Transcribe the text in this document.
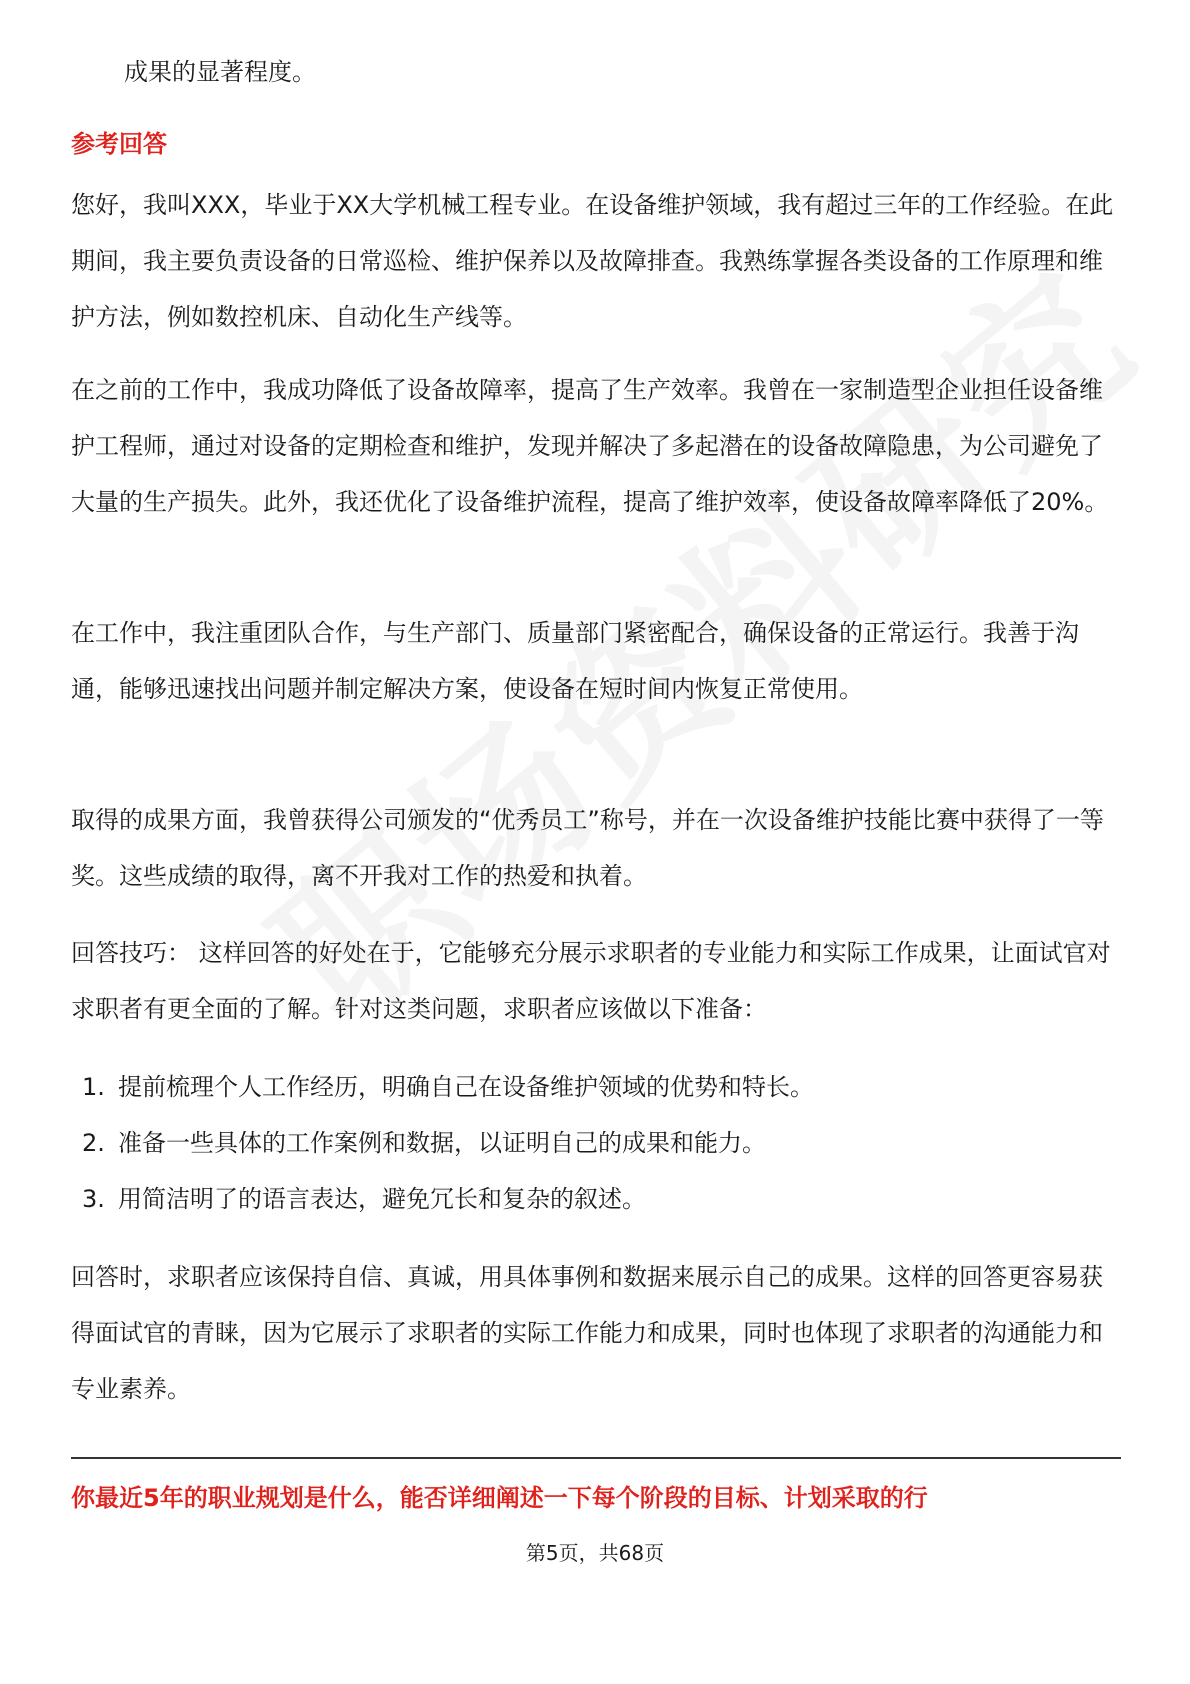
成果的显著程度。
参考回答

您好，我叫XXX，毕业于XX大学机械工程专业。在设备维护领域，我有超过三年的工作经验。在此期间，我主要负责设备的日常巡检、维护保养以及故障排查。我熟练掌握各类设备的工作原理和维护方法，例如数控机床、自动化生产线等。

在之前的工作中，我成功降低了设备故障率，提高了生产效率。我曾在一家制造型企业担任设备维护工程师，通过对设备的定期检查和维护，发现并解决了多起潜在的设备故障隐患，为公司避免了大量的生产损失。此外，我还优化了设备维护流程，提高了维护效率，使设备故障率降低了20%。

在工作中，我注重团队合作，与生产部门、质量部门紧密配合，确保设备的正常运行。我善于沟通，能够迅速找出问题并制定解决方案，使设备在短时间内恢复正常使用。

取得的成果方面，我曾获得公司颁发的“优秀员工”称号，并在一次设备维护技能比赛中获得了一等奖。这些成绩的取得，离不开我对工作的热爱和执着。

回答技巧： 这样回答的好处在于，它能够充分展示求职者的专业能力和实际工作成果，让面试官对求职者有更全面的了解。针对这类问题，求职者应该做以下准备：

1. 提前梳理个人工作经历，明确自己在设备维护领域的优势和特长。
2. 准备一些具体的工作案例和数据，以证明自己的成果和能力。
3. 用简洁明了的语言表达，避免冗长和复杂的叙述。

回答时，求职者应该保持自信、真诚，用具体事例和数据来展示自己的成果。这样的回答更容易获得面试官的青睐，因为它展示了求职者的实际工作能力和成果，同时也体现了求职者的沟通能力和专业素养。

你最近5年的职业规划是什么，能否详细阐述一下每个阶段的目标、计划采取的行
第5页，共68页
